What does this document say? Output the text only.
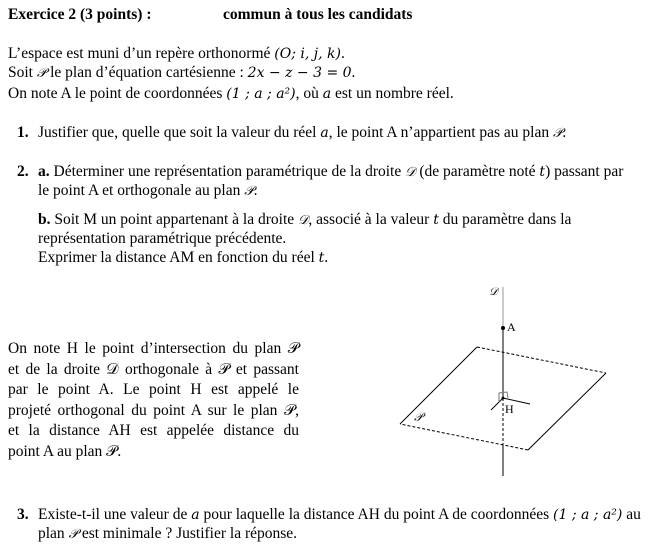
Exercice 2 (3 points) :	commun à tous les candidats
L’espace est muni d’un repère orthonormé (O; i, j, k).
Soit 𝒫 le plan d’équation cartésienne : 2x − z − 3 = 0.
On note A le point de coordonnées (1 ; a ; a²), où a est un nombre réel.
1. Justifier que, quelle que soit la valeur du réel a, le point A n’appartient pas au plan 𝒫.
2. a. Déterminer une représentation paramétrique de la droite 𝒟 (de paramètre noté t) passant par
le point A et orthogonale au plan 𝒫.
b. Soit M un point appartenant à la droite 𝒟, associé à la valeur t du paramètre dans la
représentation paramétrique précédente.
Exprimer la distance AM en fonction du réel t.
On note H le point d’intersection du plan 𝒫
et de la droite 𝒟 orthogonale à 𝒫 et passant
par le point A. Le point H est appelé le
projeté orthogonal du point A sur le plan 𝒫,
et la distance AH est appelée distance du
point A au plan 𝒫.
𝒟
A
H
𝒫
3. Existe-t-il une valeur de a pour laquelle la distance AH du point A de coordonnées (1 ; a ; a²) au
plan 𝒫 est minimale ? Justifier la réponse.
